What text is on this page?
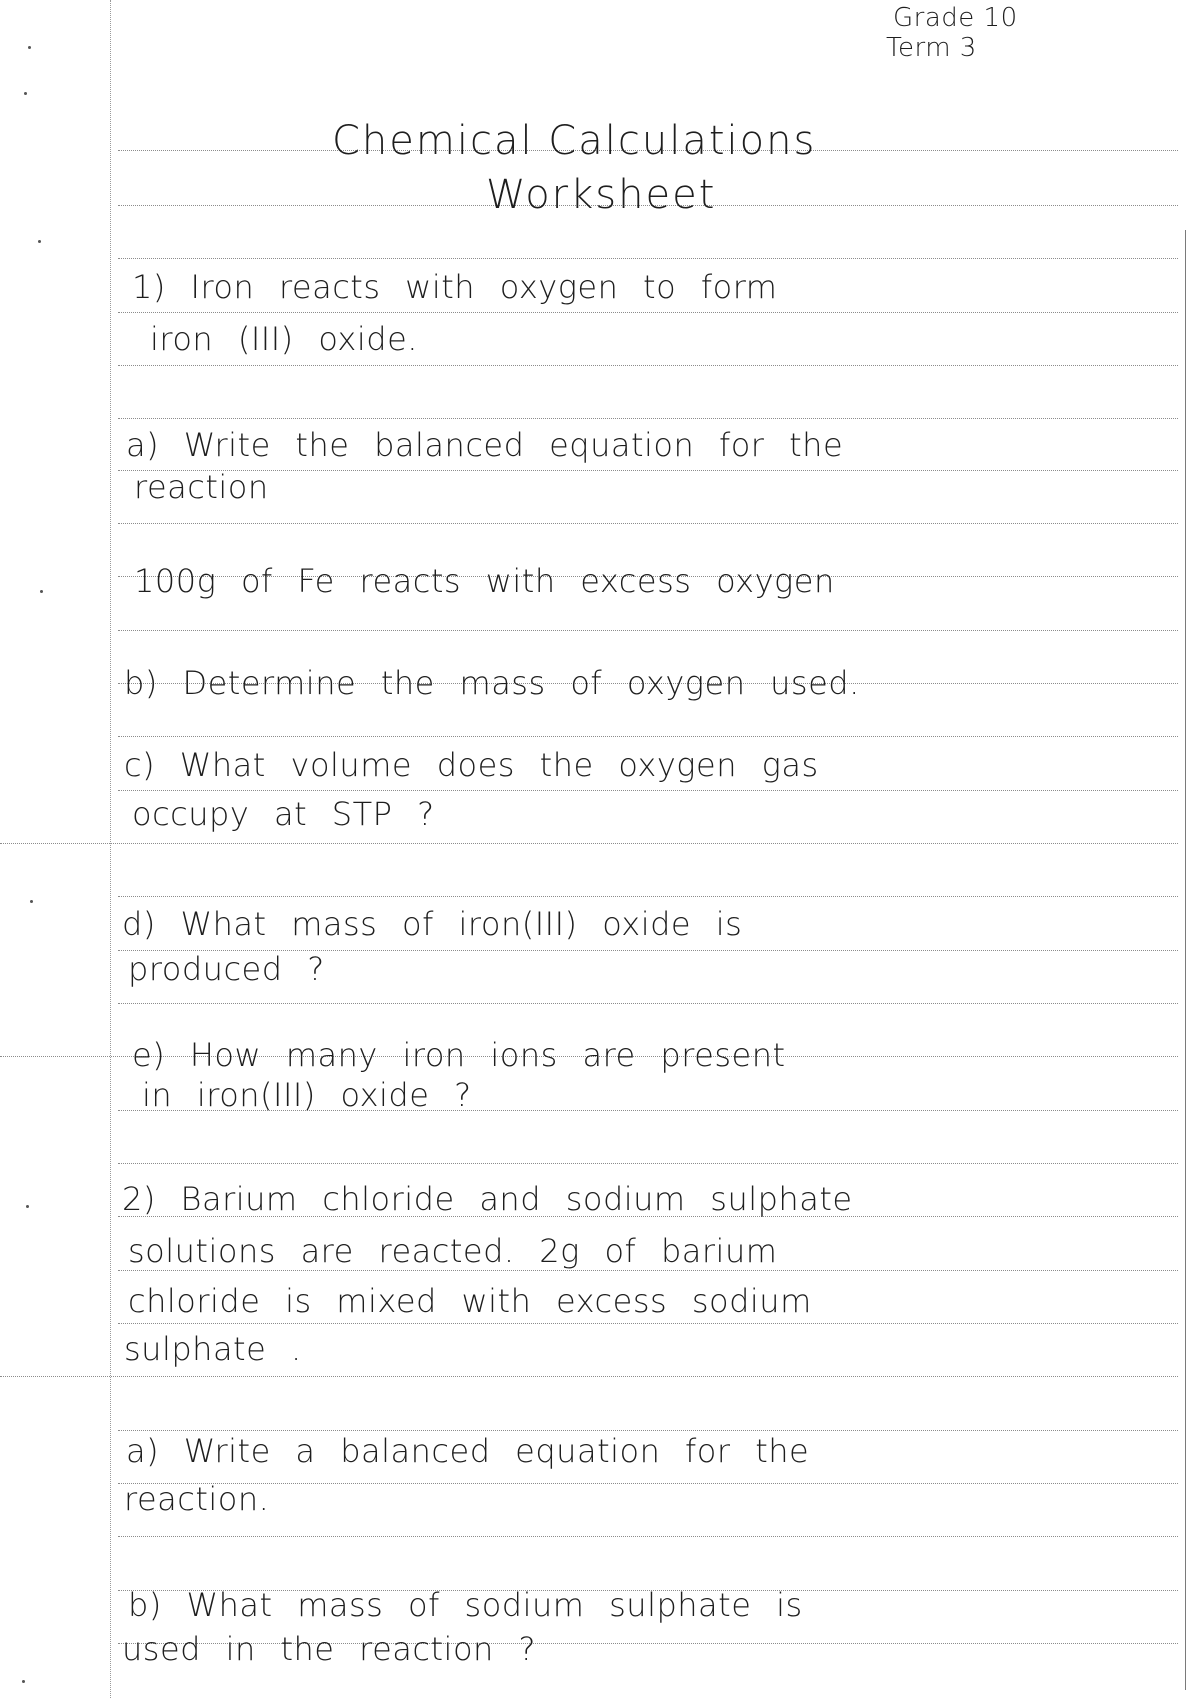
Grade 10
Term 3
Chemical Calculations
Worksheet
1) Iron reacts with oxygen to form
iron (III) oxide.
a) Write the balanced equation for the
reaction
100g of Fe reacts with excess oxygen
b) Determine the mass of oxygen used.
c) What volume does the oxygen gas
occupy at STP ?
d) What mass of iron(III) oxide is
produced ?
e) How many iron ions are present
in iron(III) oxide ?
2) Barium chloride and sodium sulphate
solutions are reacted. 2g of barium
chloride is mixed with excess sodium
sulphate .
a) Write a balanced equation for the
reaction.
b) What mass of sodium sulphate is
used in the reaction ?
